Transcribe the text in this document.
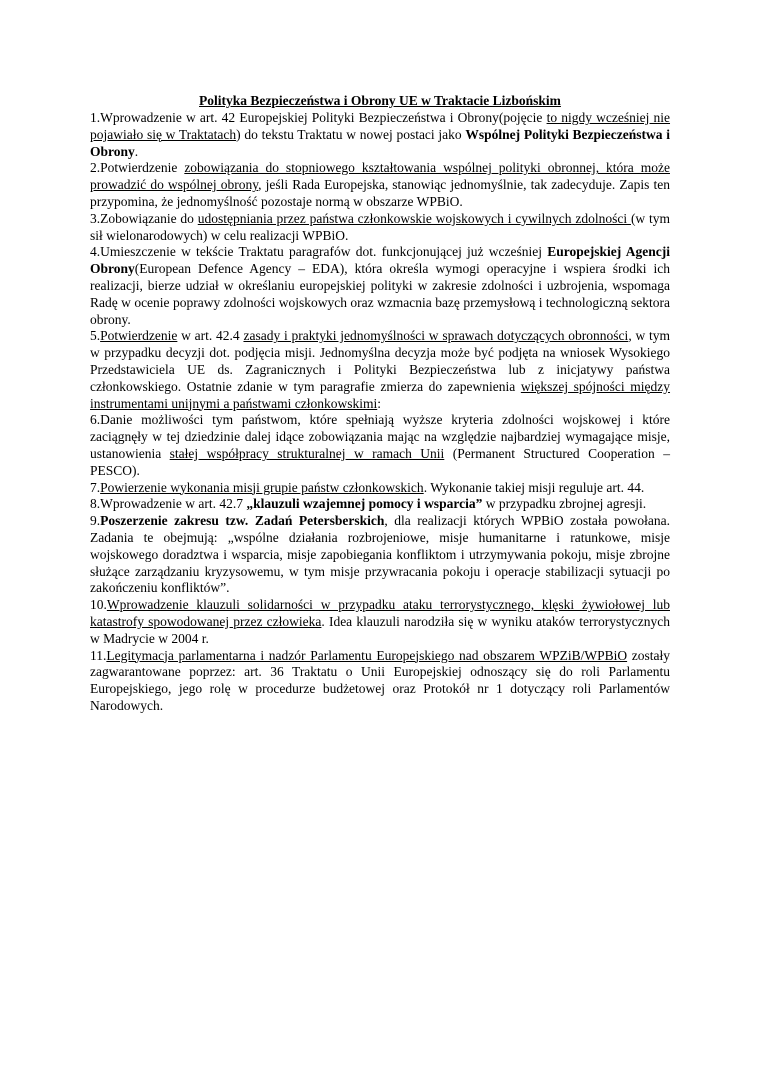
Polityka Bezpieczeństwa i Obrony UE w Traktacie Lizbońskim

1.Wprowadzenie w art. 42 Europejskiej Polityki Bezpieczeństwa i Obrony(pojęcie to nigdy wcześniej nie pojawiało się w Traktatach) do tekstu Traktatu w nowej postaci jako Wspólnej Polityki Bezpieczeństwa i Obrony.

2.Potwierdzenie zobowiązania do stopniowego kształtowania wspólnej polityki obronnej, która może prowadzić do wspólnej obrony, jeśli Rada Europejska, stanowiąc jednomyślnie, tak zadecyduje. Zapis ten przypomina, że jednomyślność pozostaje normą w obszarze WPBiO.

3.Zobowiązanie do udostępniania przez państwa członkowskie wojskowych i cywilnych zdolności (w tym sił wielonarodowych) w celu realizacji WPBiO.

4.Umieszczenie w tekście Traktatu paragrafów dot. funkcjonującej już wcześniej Europejskiej Agencji Obrony(European Defence Agency – EDA), która określa wymogi operacyjne i wspiera środki ich realizacji, bierze udział w określaniu europejskiej polityki w zakresie zdolności i uzbrojenia, wspomaga Radę w ocenie poprawy zdolności wojskowych oraz wzmacnia bazę przemysłową i technologiczną sektora obrony.

5.Potwierdzenie w art. 42.4 zasady i praktyki jednomyślności w sprawach dotyczących obronności, w tym w przypadku decyzji dot. podjęcia misji. Jednomyślna decyzja może być podjęta na wniosek Wysokiego Przedstawiciela UE ds. Zagranicznych i Polityki Bezpieczeństwa lub z inicjatywy państwa członkowskiego. Ostatnie zdanie w tym paragrafie zmierza do zapewnienia większej spójności między instrumentami unijnymi a państwami członkowskimi:

6.Danie możliwości tym państwom, które spełniają wyższe kryteria zdolności wojskowej i które zaciągnęły w tej dziedzinie dalej idące zobowiązania mając na względzie najbardziej wymagające misje, ustanowienia stałej współpracy strukturalnej w ramach Unii (Permanent Structured Cooperation – PESCO).

7.Powierzenie wykonania misji grupie państw członkowskich. Wykonanie takiej misji reguluje art. 44.

8.Wprowadzenie w art. 42.7 „klauzuli wzajemnej pomocy i wsparcia” w przypadku zbrojnej agresji.

9.Poszerzenie zakresu tzw. Zadań Petersberskich, dla realizacji których WPBiO została powołana. Zadania te obejmują: „wspólne działania rozbrojeniowe, misje humanitarne i ratunkowe, misje wojskowego doradztwa i wsparcia, misje zapobiegania konfliktom i utrzymywania pokoju, misje zbrojne służące zarządzaniu kryzysowemu, w tym misje przywracania pokoju i operacje stabilizacji sytuacji po zakończeniu konfliktów”.

10.Wprowadzenie klauzuli solidarności w przypadku ataku terrorystycznego, klęski żywiołowej lub katastrofy spowodowanej przez człowieka. Idea klauzuli narodziła się w wyniku ataków terrorystycznych w Madrycie w 2004 r.

11.Legitymacja parlamentarna i nadzór Parlamentu Europejskiego nad obszarem WPZiB/WPBiO zostały zagwarantowane poprzez: art. 36 Traktatu o Unii Europejskiej odnoszący się do roli Parlamentu Europejskiego, jego rolę w procedurze budżetowej oraz Protokół nr 1 dotyczący roli Parlamentów Narodowych.
